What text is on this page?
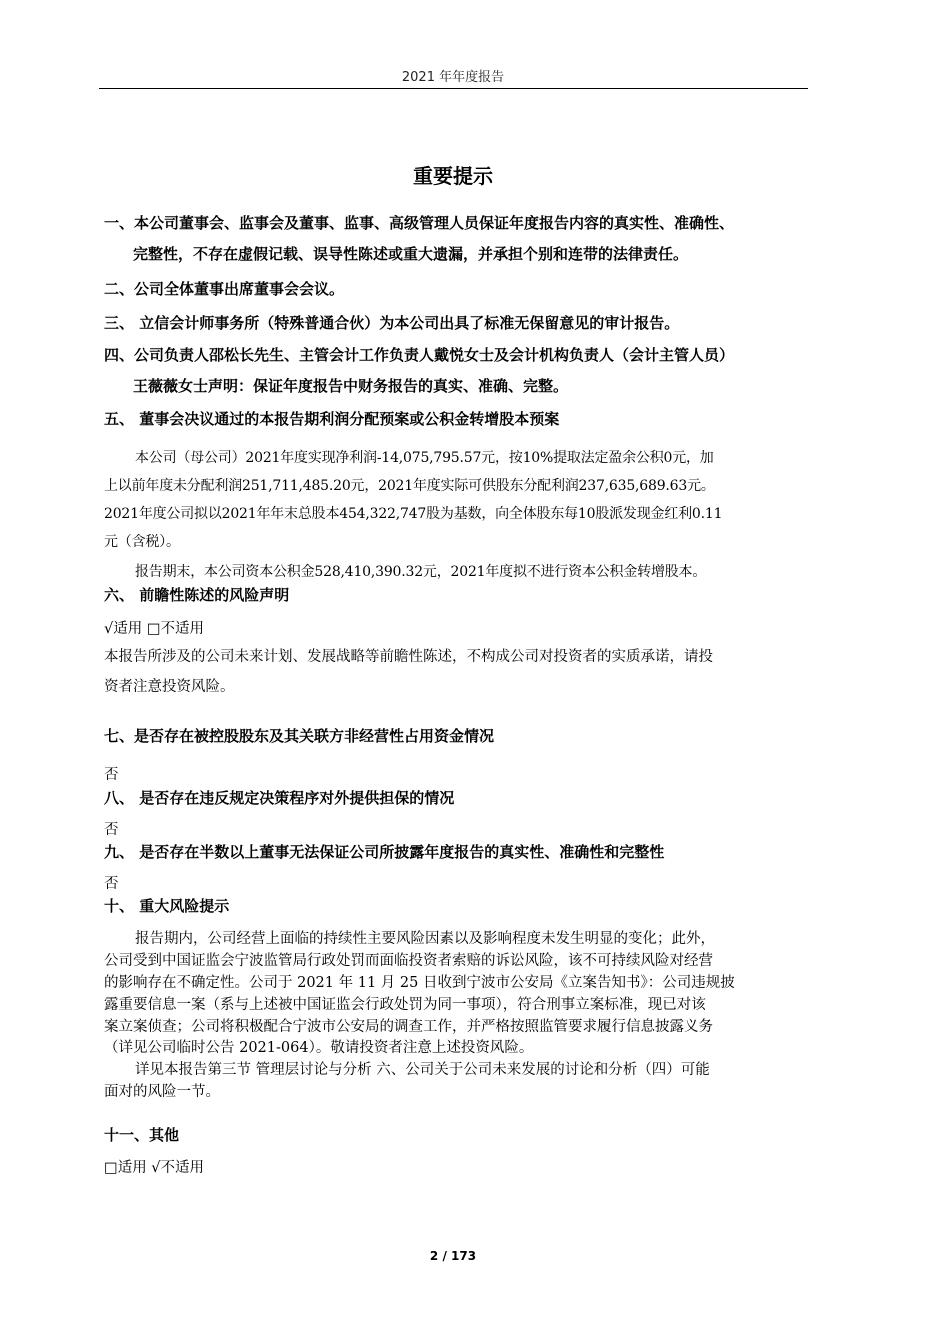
2021 年年度报告
重要提示
一、本公司董事会、监事会及董事、监事、高级管理人员保证年度报告内容的真实性、准确性、
完整性，不存在虚假记载、误导性陈述或重大遗漏，并承担个别和连带的法律责任。
二、公司全体董事出席董事会会议。
三、 立信会计师事务所（特殊普通合伙）为本公司出具了标准无保留意见的审计报告。
四、公司负责人邵松长先生、主管会计工作负责人戴悦女士及会计机构负责人（会计主管人员）
王薇薇女士声明：保证年度报告中财务报告的真实、准确、完整。
五、 董事会决议通过的本报告期利润分配预案或公积金转增股本预案
本公司（母公司）2021年度实现净利润-14,075,795.57元，按10%提取法定盈余公积0元，加
上以前年度未分配利润251,711,485.20元，2021年度实际可供股东分配利润237,635,689.63元。
2021年度公司拟以2021年年末总股本454,322,747股为基数，向全体股东每10股派发现金红利0.11
元（含税）。
报告期末，本公司资本公积金528,410,390.32元，2021年度拟不进行资本公积金转增股本。
六、 前瞻性陈述的风险声明
√适用 □不适用
本报告所涉及的公司未来计划、发展战略等前瞻性陈述，不构成公司对投资者的实质承诺，请投
资者注意投资风险。
七、是否存在被控股股东及其关联方非经营性占用资金情况
否
八、 是否存在违反规定决策程序对外提供担保的情况
否
九、 是否存在半数以上董事无法保证公司所披露年度报告的真实性、准确性和完整性
否
十、 重大风险提示
报告期内，公司经营上面临的持续性主要风险因素以及影响程度未发生明显的变化；此外，
公司受到中国证监会宁波监管局行政处罚而面临投资者索赔的诉讼风险，该不可持续风险对经营
的影响存在不确定性。公司于 2021 年 11 月 25 日收到宁波市公安局《立案告知书》：公司违规披
露重要信息一案（系与上述被中国证监会行政处罚为同一事项），符合刑事立案标准，现已对该
案立案侦查；公司将积极配合宁波市公安局的调查工作，并严格按照监管要求履行信息披露义务
（详见公司临时公告 2021-064）。敬请投资者注意上述投资风险。
详见本报告第三节 管理层讨论与分析 六、公司关于公司未来发展的讨论和分析（四）可能
面对的风险一节。
十一、其他
□适用 √不适用
2 / 173
